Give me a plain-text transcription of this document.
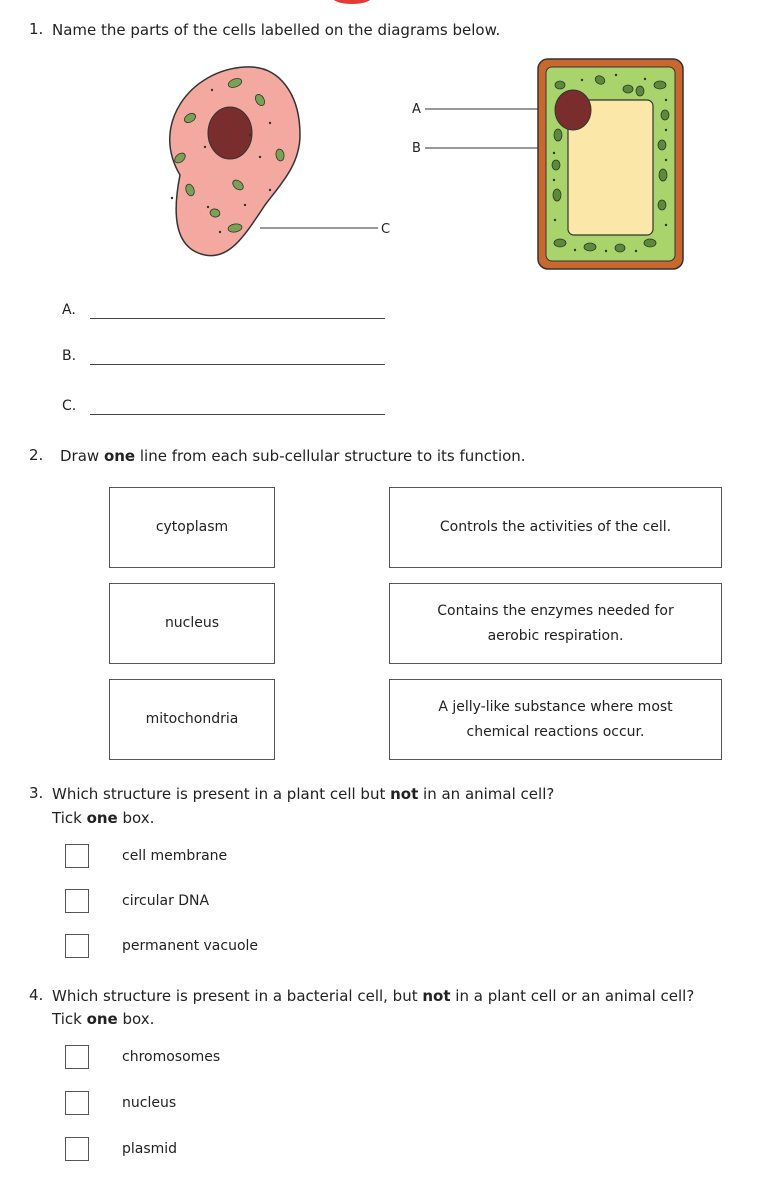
1. Name the parts of the cells labelled on the diagrams below.
C
A
B
A.
B.
C.
2. Draw one line from each sub-cellular structure to its function.
cytoplasm
nucleus
mitochondria
Controls the activities of the cell.
Contains the enzymes needed for
aerobic respiration.
A jelly-like substance where most
chemical reactions occur.
3. Which structure is present in a plant cell but not in an animal cell?
Tick one box.
cell membrane
circular DNA
permanent vacuole
4. Which structure is present in a bacterial cell, but not in a plant cell or an animal cell?
Tick one box.
chromosomes
nucleus
plasmid
